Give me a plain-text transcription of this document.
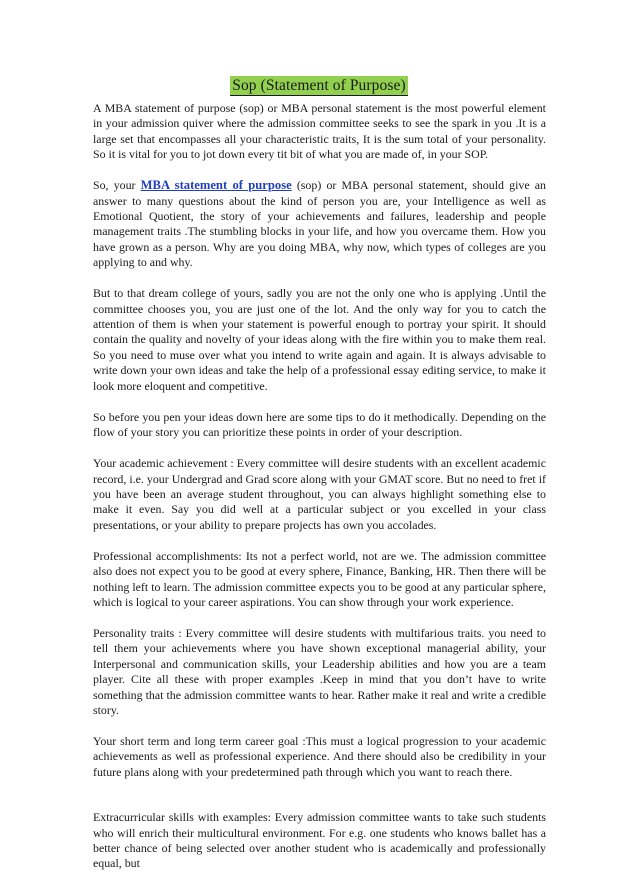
Sop (Statement of Purpose)

A MBA statement of purpose (sop) or MBA personal statement is the most powerful element in your admission quiver where the admission committee seeks to see the spark in you .It is a large set that encompasses all your characteristic traits, It is the sum total of your personality. So it is vital for you to jot down every tit bit of what you are made of, in your SOP.

So, your MBA statement of purpose (sop) or MBA personal statement, should give an answer to many questions about the kind of person you are, your Intelligence as well as Emotional Quotient, the story of your achievements and failures, leadership and people management traits .The stumbling blocks in your life, and how you overcame them. How you have grown as a person. Why are you doing MBA, why now, which types of colleges are you applying to and why.

But to that dream college of yours, sadly you are not the only one who is applying .Until the committee chooses you, you are just one of the lot. And the only way for you to catch the attention of them is when your statement is powerful enough to portray your spirit. It should contain the quality and novelty of your ideas along with the fire within you to make them real. So you need to muse over what you intend to write again and again. It is always advisable to write down your own ideas and take the help of a professional essay editing service, to make it look more eloquent and competitive.

So before you pen your ideas down here are some tips to do it methodically. Depending on the flow of your story you can prioritize these points in order of your description.

Your academic achievement : Every committee will desire students with an excellent academic record, i.e. your Undergrad and Grad score along with your GMAT score. But no need to fret if you have been an average student throughout, you can always highlight something else to make it even. Say you did well at a particular subject or you excelled in your class presentations, or your ability to prepare projects has own you accolades.

Professional accomplishments: Its not a perfect world, not are we. The admission committee also does not expect you to be good at every sphere, Finance, Banking, HR. Then there will be nothing left to learn. The admission committee expects you to be good at any particular sphere, which is logical to your career aspirations. You can show through your work experience.

Personality traits : Every committee will desire students with multifarious traits. you need to tell them your achievements where you have shown exceptional managerial ability, your Interpersonal and communication skills, your Leadership abilities and how you are a team player. Cite all these with proper examples .Keep in mind that you don’t have to write something that the admission committee wants to hear. Rather make it real and write a credible story.

Your short term and long term career goal :This must a logical progression to your academic achievements as well as professional experience. And there should also be credibility in your future plans along with your predetermined path through which you want to reach there.

Extracurricular skills with examples: Every admission committee wants to take such students who will enrich their multicultural environment. For e.g. one students who knows ballet has a better chance of being selected over another student who is academically and professionally equal, but
